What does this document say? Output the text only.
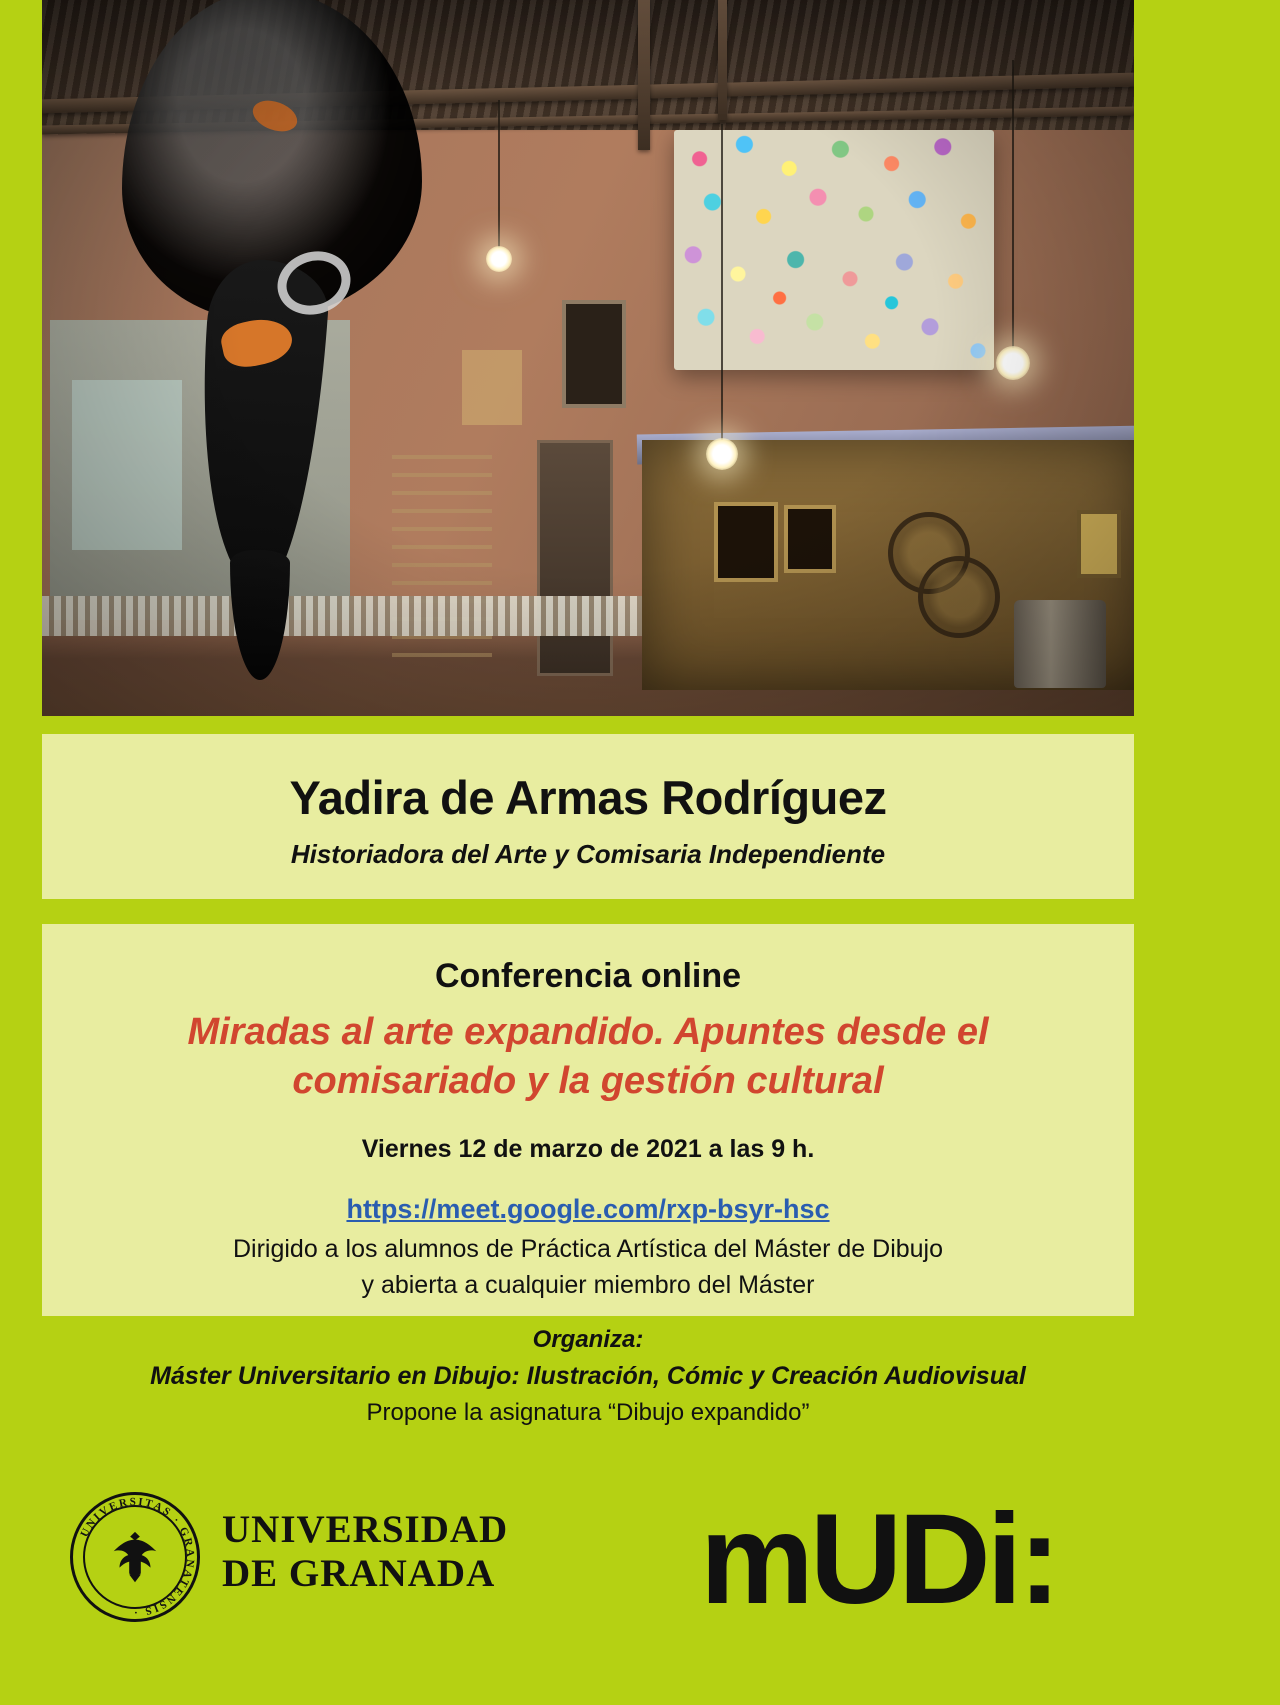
Yadira de Armas Rodríguez
Historiadora del Arte y Comisaria Independiente
Conferencia online
Miradas al arte expandido. Apuntes desde el comisariado y la gestión cultural
Viernes 12 de marzo de 2021 a las 9 h.
https://meet.google.com/rxp-bsyr-hsc
Dirigido a los alumnos de Práctica Artística del Máster de Dibujo
y abierta a cualquier miembro del Máster
Organiza:
Máster Universitario en Dibujo: Ilustración, Cómic y Creación Audiovisual
Propone la asignatura “Dibujo expandido”
UNIVERSITAS · GRANATENSIS ·
UNIVERSIDAD
DE GRANADA mUDi:
